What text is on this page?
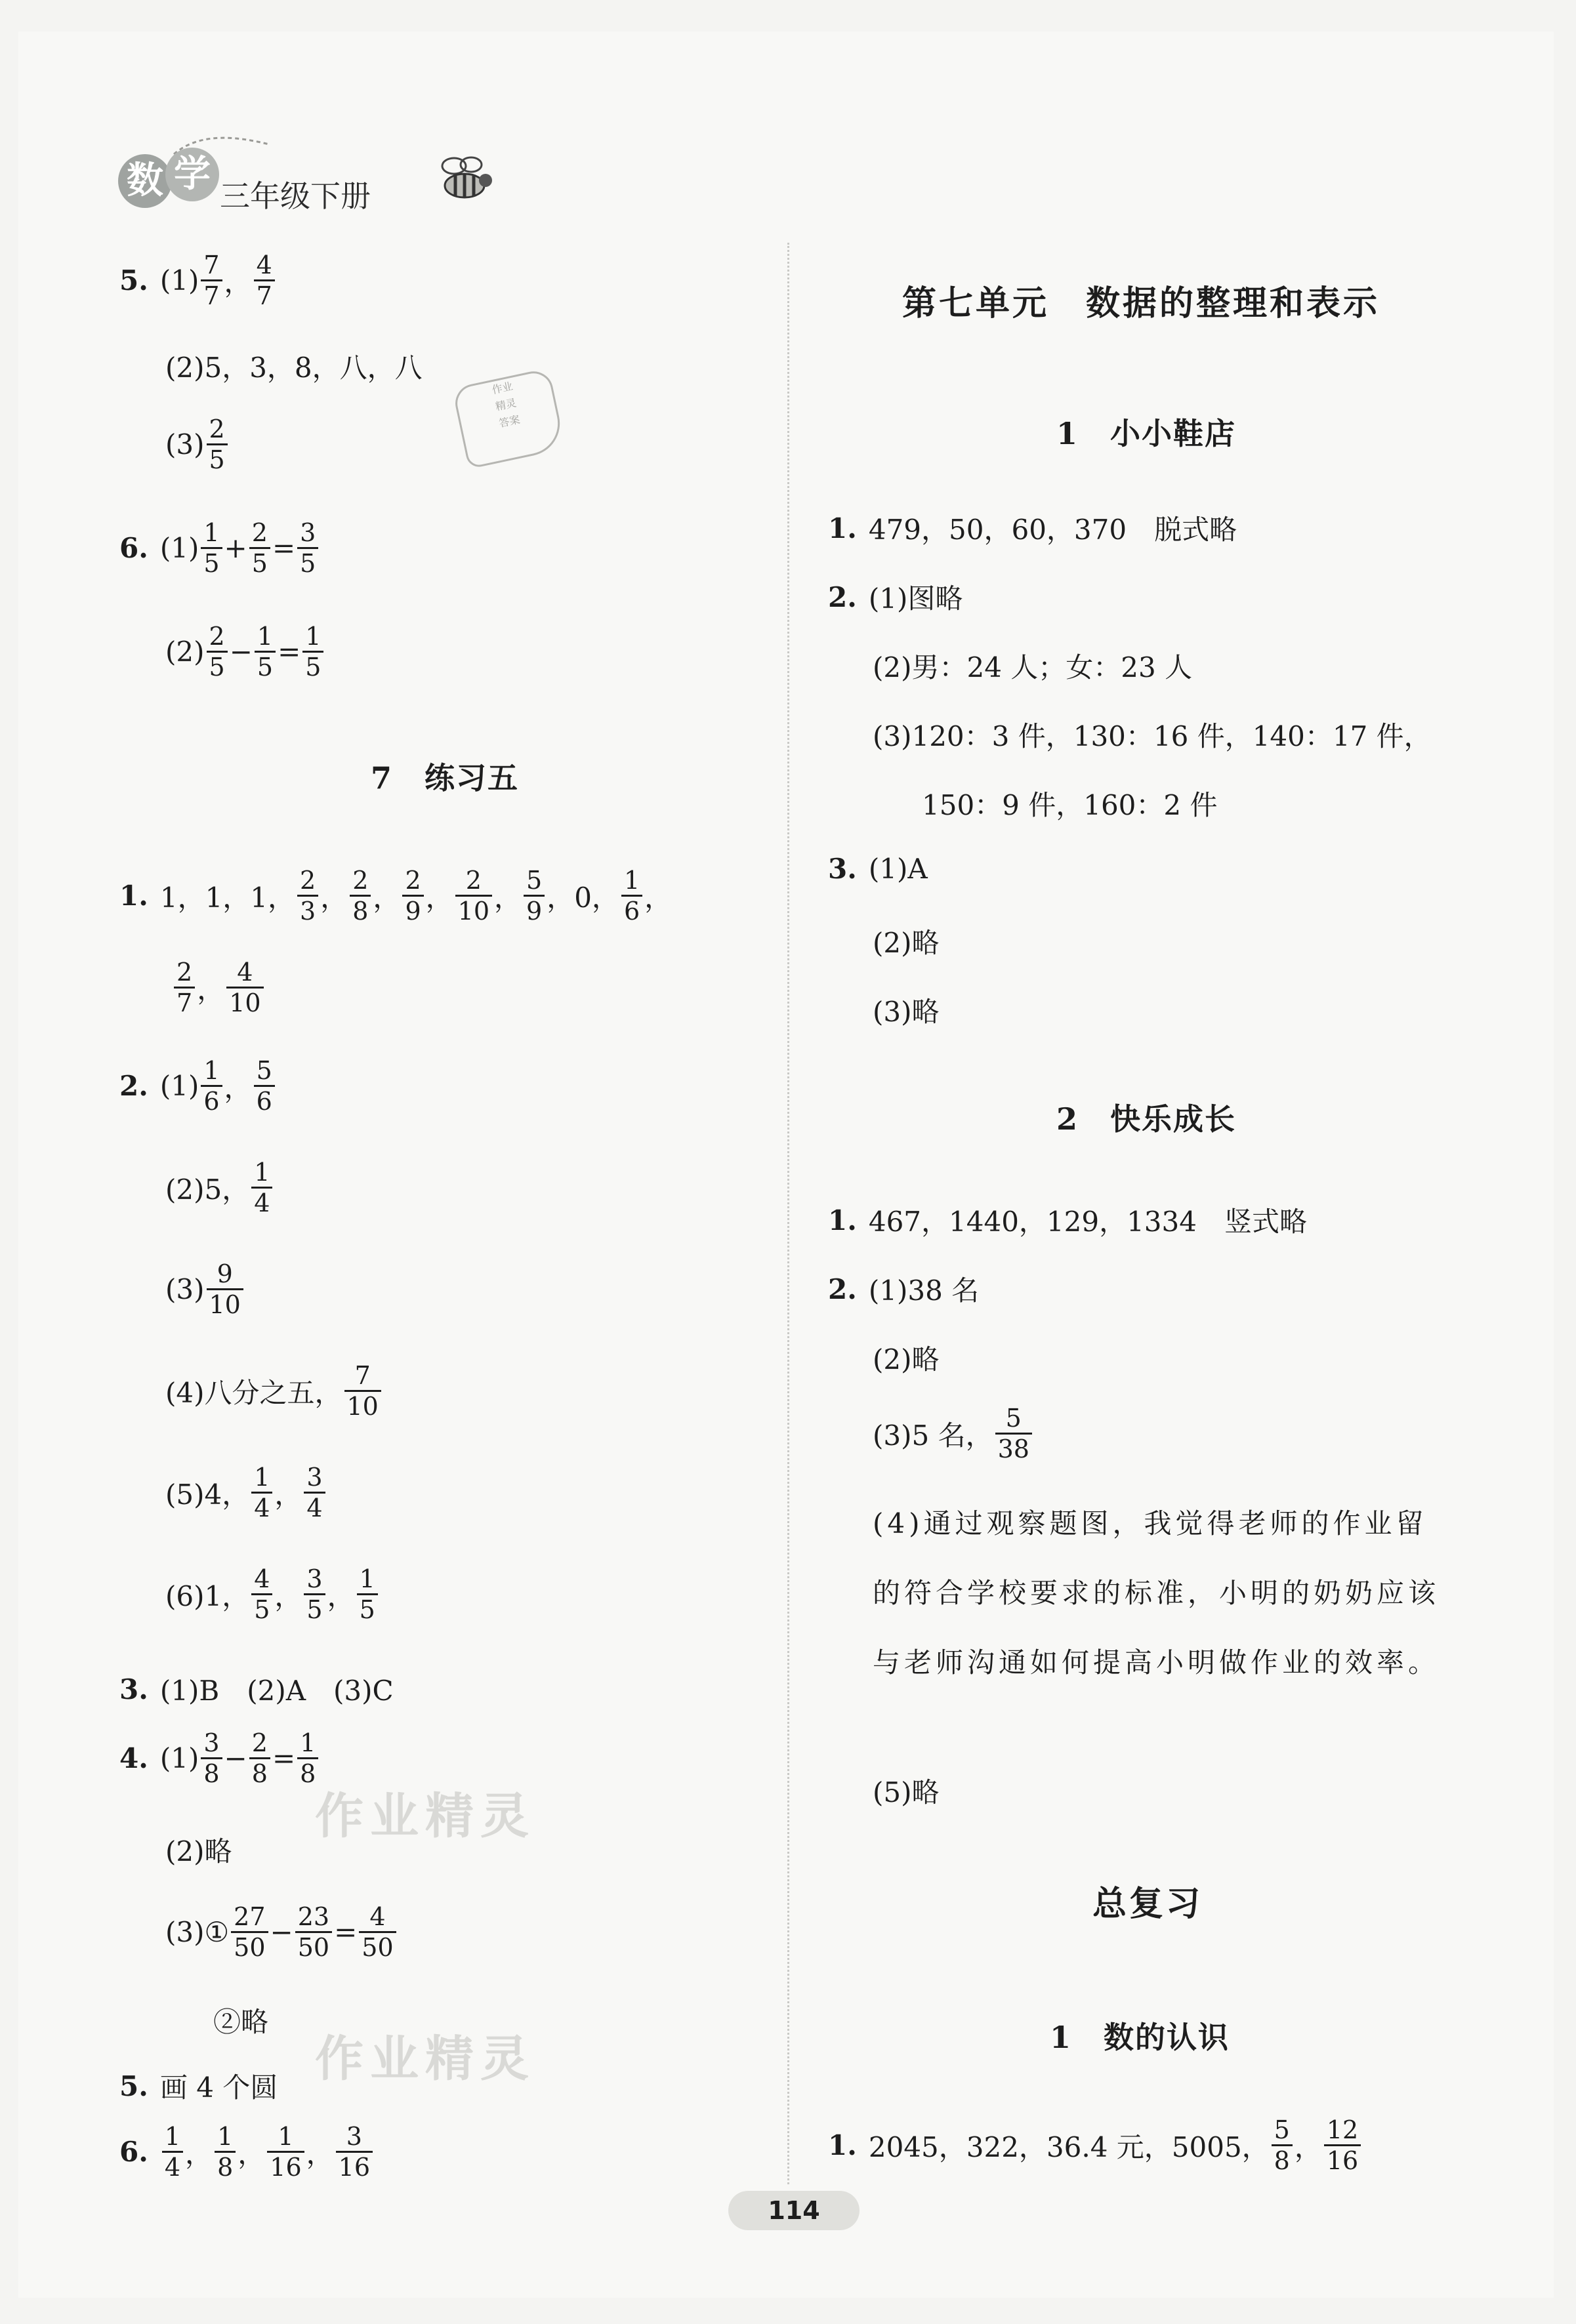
数 学
三年级下册
5. $(1) \frac{7}{7}$ ， $\frac{4}{7}$
(2)5，3，8，八，八
$(3) \frac{2}{5}$
作业
精灵
答案
6. $(1) \frac{1}{5} + \frac{2}{5} = \frac{3}{5}$
$(2) \frac{2}{5} - \frac{1}{5} = \frac{1}{5}$
7　练习五
1. 1，1，1， $\frac{2}{3}$ ， $\frac{2}{8}$ ， $\frac{2}{9}$ ， $\frac{2}{10}$ ， $\frac{5}{9}$ ，0， $\frac{1}{6}$ ，
$\frac{2}{7}$ ， $\frac{4}{10}$
2. $(1) \frac{1}{6}$ ， $\frac{5}{6}$
(2)5， $\frac{1}{4}$
$(3) \frac{9}{10}$
(4)八分之五， $\frac{7}{10}$
(5)4， $\frac{1}{4}$ ， $\frac{3}{4}$
(6)1， $\frac{4}{5}$ ， $\frac{3}{5}$ ， $\frac{1}{5}$
3. (1)B　(2)A　(3)C
4. $(1) \frac{3}{8} - \frac{2}{8} = \frac{1}{8}$
作业精灵
(2)略
(3)① $\frac{27}{50} - \frac{23}{50} = \frac{4}{50}$
②略
作业精灵
5. 画 4 个圆
6. $\frac{1}{4}$ ， $\frac{1}{8}$ ， $\frac{1}{16}$ ， $\frac{3}{16}$
第七单元　数据的整理和表示
1　小小鞋店
1. 479，50，60，370　脱式略
2. (1)图略
(2)男：24 人；女：23 人
(3)120：3 件，130：16 件，140：17 件，
150：9 件，160：2 件
3. (1)A
(2)略
(3)略
2　快乐成长
1. 467，1440，129，1334　竖式略
2. (1)38 名
(2)略
(3)5 名， $\frac{5}{38}$
(4)通过观察题图，我觉得老师的作业留的符合学校要求的标准，小明的奶奶应该与老师沟通如何提高小明做作业的效率。
(5)略
总复习
1　数的认识
1. 2045，322，36.4 元，5005， $\frac{5}{8}$ ， $\frac{12}{16}$
114
